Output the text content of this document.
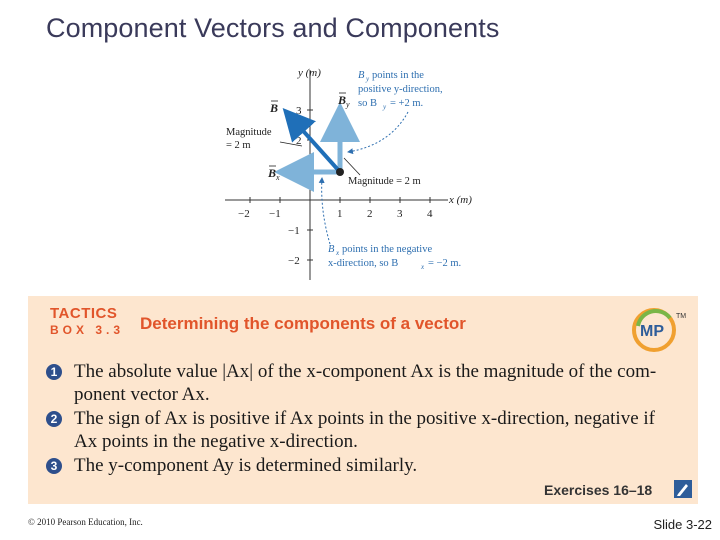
Component Vectors and Components
−2 −1	1 2 3 4
3
2
−1
−2
y (m)
x (m)
B
B
B
y
x
B y points in the
positive y-direction,
so B y = +2 m.
B x points in the negative
x-direction, so B	x = −2 m.
Magnitude
= 2 m
Magnitude = 2 m
TACTICS
BOX 3.3 Determining the components of a vector	MP
TM
1 The absolute value |Ax| of the x-component Ax is the magnitude of the com-
ponent vector Ax.
2 The sign of Ax is positive if Ax points in the positive x-direction, negative if
Ax points in the negative x-direction.
3 The y-component Ay is determined similarly.
Exercises 16–18
© 2010 Pearson Education, Inc.	Slide 3-22
